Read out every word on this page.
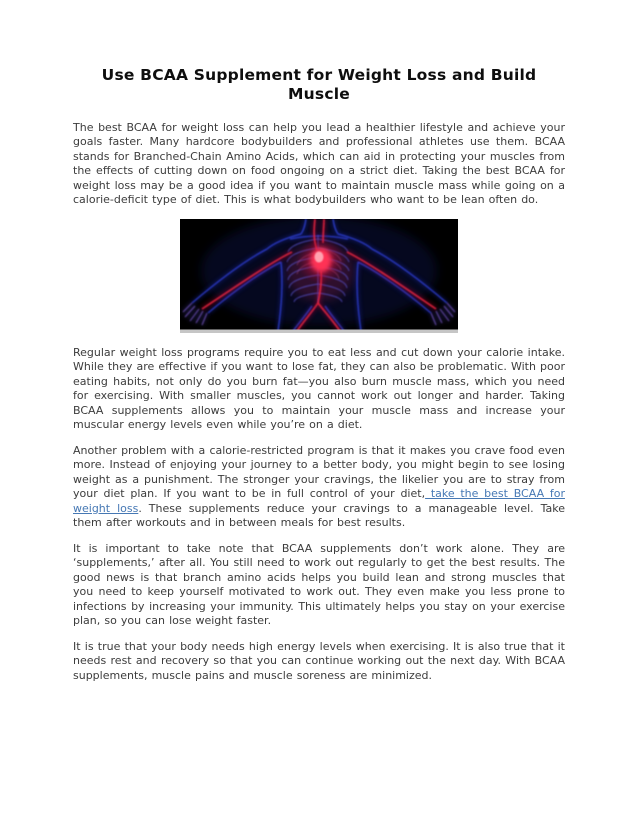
Use BCAA Supplement for Weight Loss and Build Muscle

The best BCAA for weight loss can help you lead a healthier lifestyle and achieve your goals faster. Many hardcore bodybuilders and professional athletes use them. BCAA stands for Branched-Chain Amino Acids, which can aid in protecting your muscles from the effects of cutting down on food ongoing on a strict diet. Taking the best BCAA for weight loss may be a good idea if you want to maintain muscle mass while going on a calorie-deficit type of diet. This is what bodybuilders who want to be lean often do.

Regular weight loss programs require you to eat less and cut down your calorie intake. While they are effective if you want to lose fat, they can also be problematic. With poor eating habits, not only do you burn fat—you also burn muscle mass, which you need for exercising. With smaller muscles, you cannot work out longer and harder. Taking BCAA supplements allows you to maintain your muscle mass and increase your muscular energy levels even while you’re on a diet.

Another problem with a calorie-restricted program is that it makes you crave food even more. Instead of enjoying your journey to a better body, you might begin to see losing weight as a punishment. The stronger your cravings, the likelier you are to stray from your diet plan. If you want to be in full control of your diet, take the best BCAA for weight loss. These supplements reduce your cravings to a manageable level. Take them after workouts and in between meals for best results.

It is important to take note that BCAA supplements don’t work alone. They are ‘supplements,’ after all. You still need to work out regularly to get the best results. The good news is that branch amino acids helps you build lean and strong muscles that you need to keep yourself motivated to work out. They even make you less prone to infections by increasing your immunity. This ultimately helps you stay on your exercise plan, so you can lose weight faster.

It is true that your body needs high energy levels when exercising. It is also true that it needs rest and recovery so that you can continue working out the next day. With BCAA supplements, muscle pains and muscle soreness are minimized.
